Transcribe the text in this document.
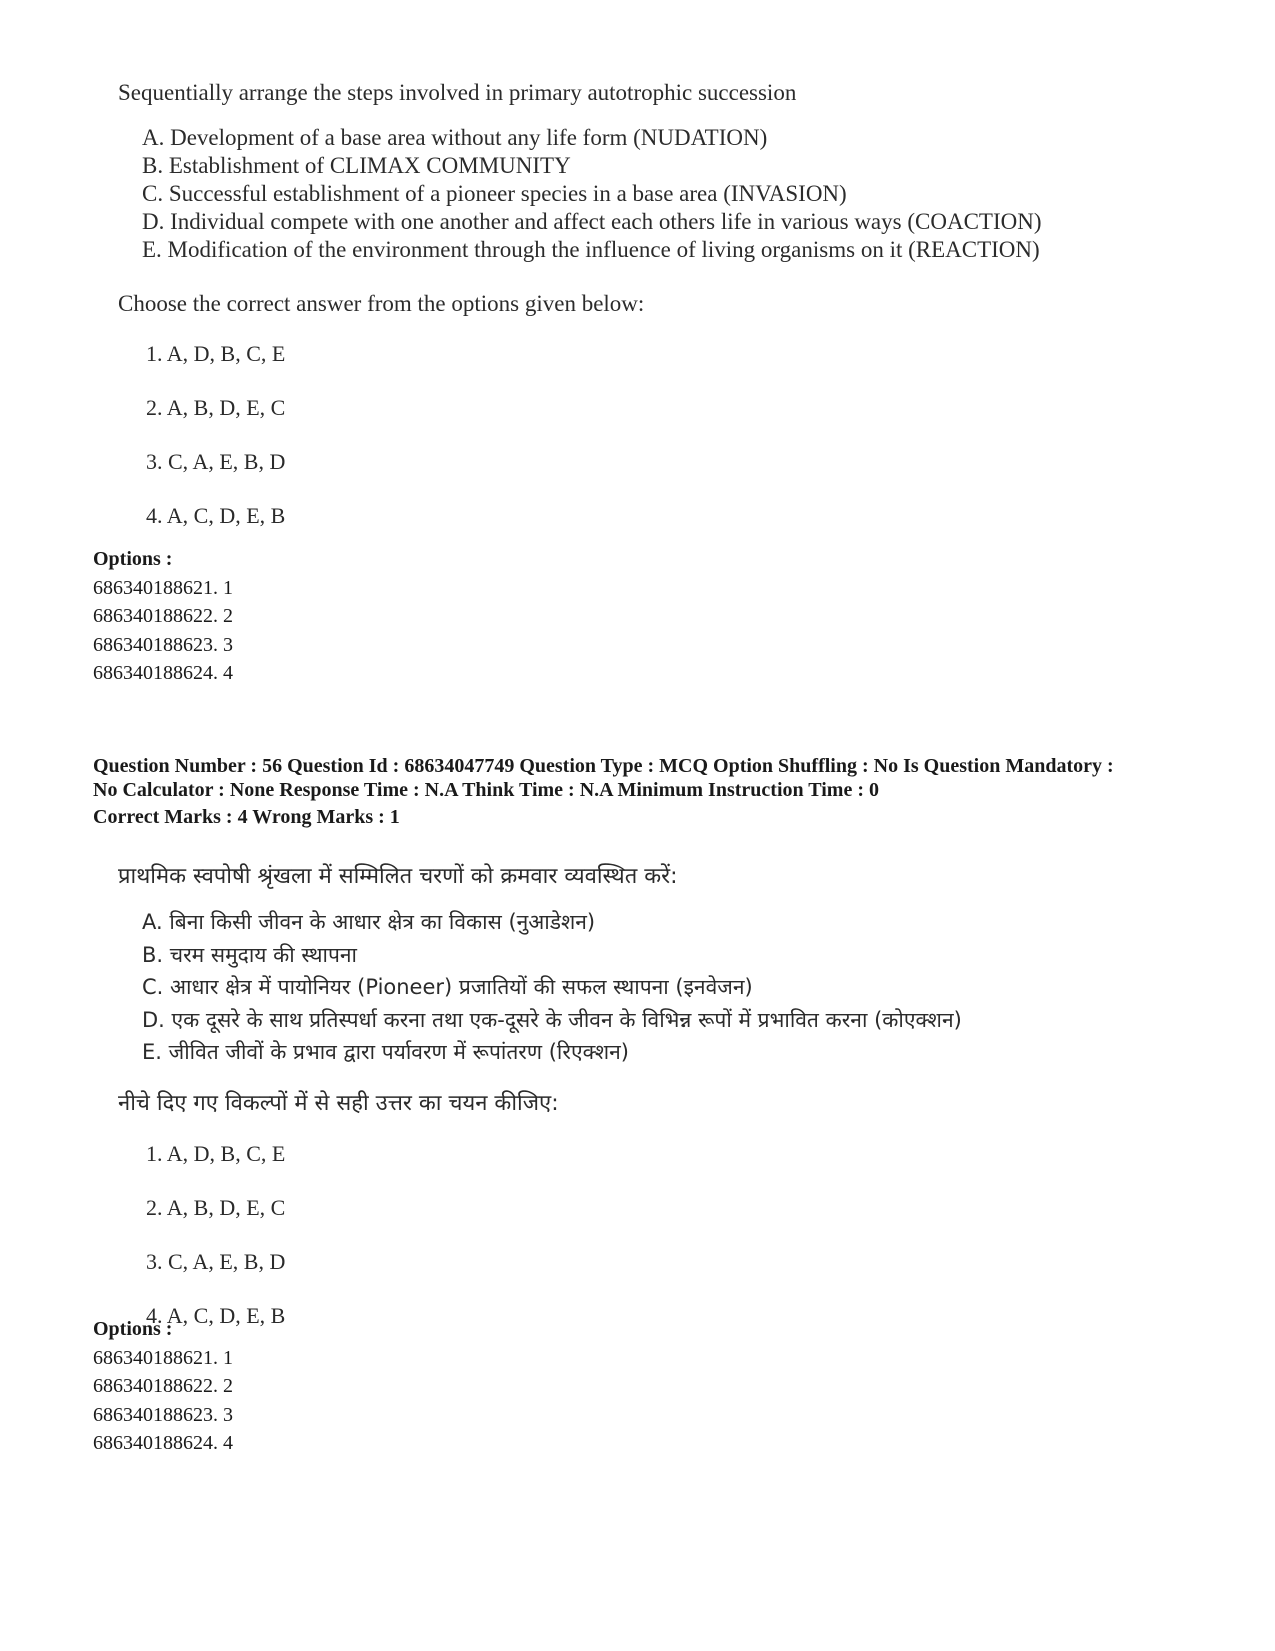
Sequentially arrange the steps involved in primary autotrophic succession

A. Development of a base area without any life form (NUDATION)
B. Establishment of CLIMAX COMMUNITY
C. Successful establishment of a pioneer species in a base area (INVASION)
D. Individual compete with one another and affect each others life in various ways (COACTION)
E. Modification of the environment through the influence of living organisms on it (REACTION)

Choose the correct answer from the options given below:

1. A, D, B, C, E
2. A, B, D, E, C
3. C, A, E, B, D
4. A, C, D, E, B
Options :
686340188621. 1
686340188622. 2
686340188623. 3
686340188624. 4
Question Number : 56 Question Id : 68634047749 Question Type : MCQ Option Shuffling : No Is Question Mandatory :
No Calculator : None Response Time : N.A Think Time : N.A Minimum Instruction Time : 0
Correct Marks : 4 Wrong Marks : 1

प्राथमिक स्वपोषी श्रृंखला में सम्मिलित चरणों को क्रमवार व्यवस्थित करें:

A. बिना किसी जीवन के आधार क्षेत्र का विकास (नुआडेशन)
B. चरम समुदाय की स्थापना
C. आधार क्षेत्र में पायोनियर (Pioneer) प्रजातियों की सफल स्थापना (इनवेजन)
D. एक दूसरे के साथ प्रतिस्पर्धा करना तथा एक-दूसरे के जीवन के विभिन्न रूपों में प्रभावित करना (कोएक्शन)
E. जीवित जीवों के प्रभाव द्वारा पर्यावरण में रूपांतरण (रिएक्शन)

नीचे दिए गए विकल्पों में से सही उत्तर का चयन कीजिए:

1. A, D, B, C, E
2. A, B, D, E, C
3. C, A, E, B, D
4. A, C, D, E, B
Options :
686340188621. 1
686340188622. 2
686340188623. 3
686340188624. 4
